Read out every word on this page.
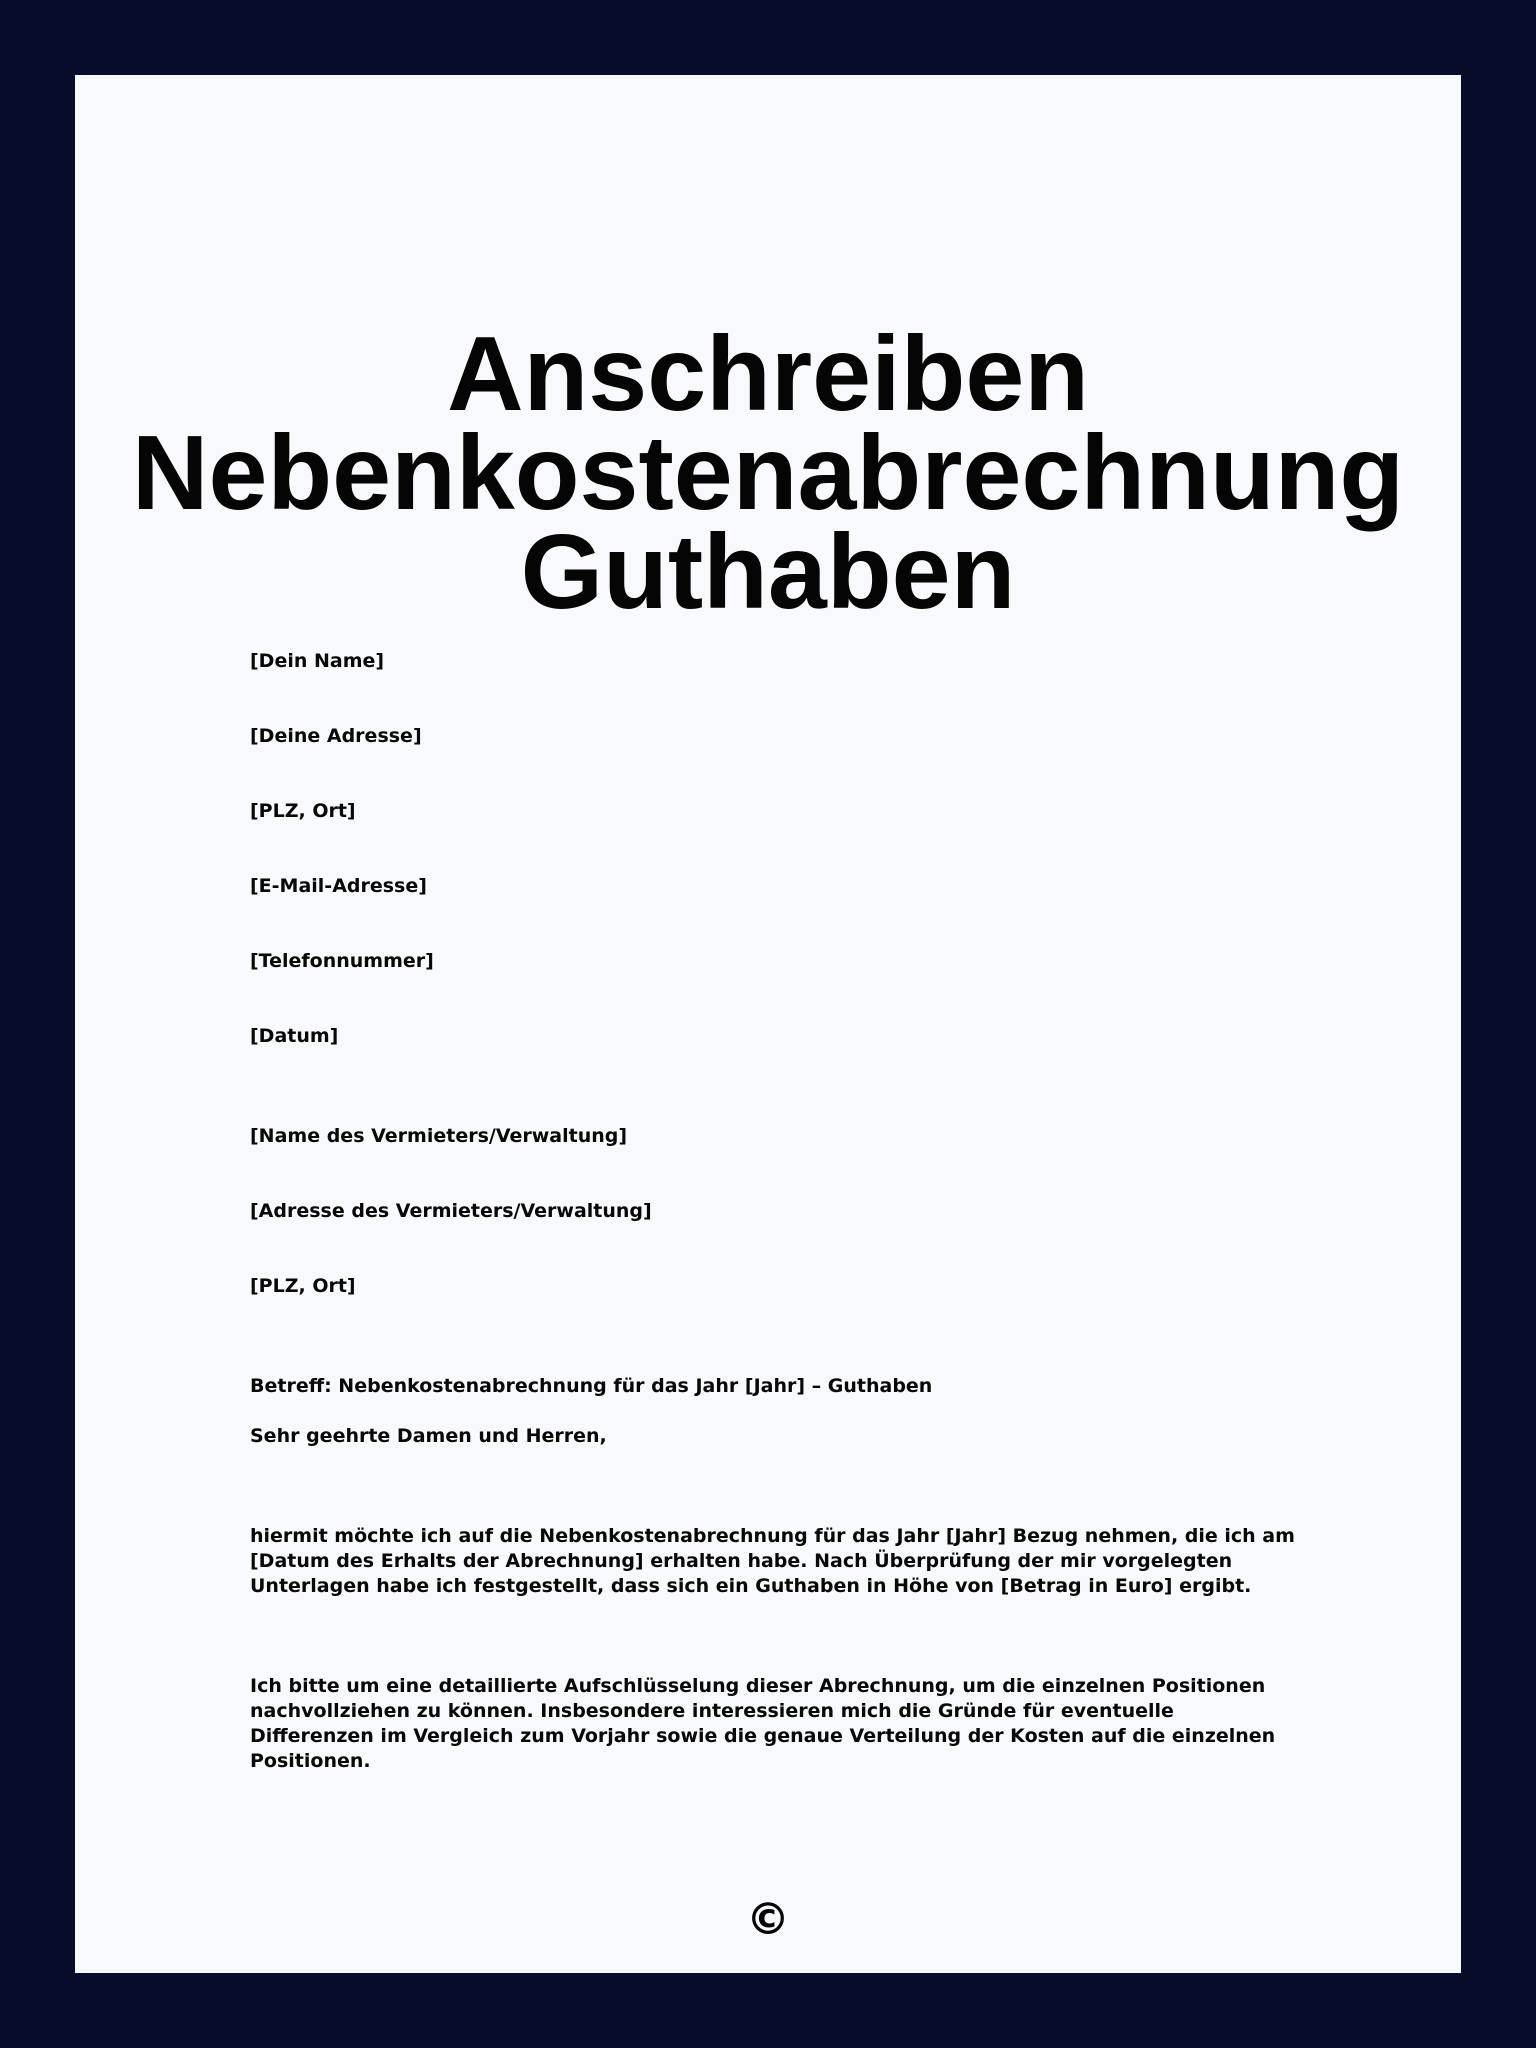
Anschreiben
Nebenkostenabrechnung
Guthaben
[Dein Name]
[Deine Adresse]
[PLZ, Ort]
[E-Mail-Adresse]
[Telefonnummer]
[Datum]
[Name des Vermieters/Verwaltung]
[Adresse des Vermieters/Verwaltung]
[PLZ, Ort]
Betreff: Nebenkostenabrechnung für das Jahr [Jahr] – Guthaben
Sehr geehrte Damen und Herren,
hiermit möchte ich auf die Nebenkostenabrechnung für das Jahr [Jahr] Bezug nehmen, die ich am [Datum des Erhalts der Abrechnung] erhalten habe. Nach Überprüfung der mir vorgelegten Unterlagen habe ich festgestellt, dass sich ein Guthaben in Höhe von [Betrag in Euro] ergibt.
Ich bitte um eine detaillierte Aufschlüsselung dieser Abrechnung, um die einzelnen Positionen nachvollziehen zu können. Insbesondere interessieren mich die Gründe für eventuelle Differenzen im Vergleich zum Vorjahr sowie die genaue Verteilung der Kosten auf die einzelnen Positionen.
©
